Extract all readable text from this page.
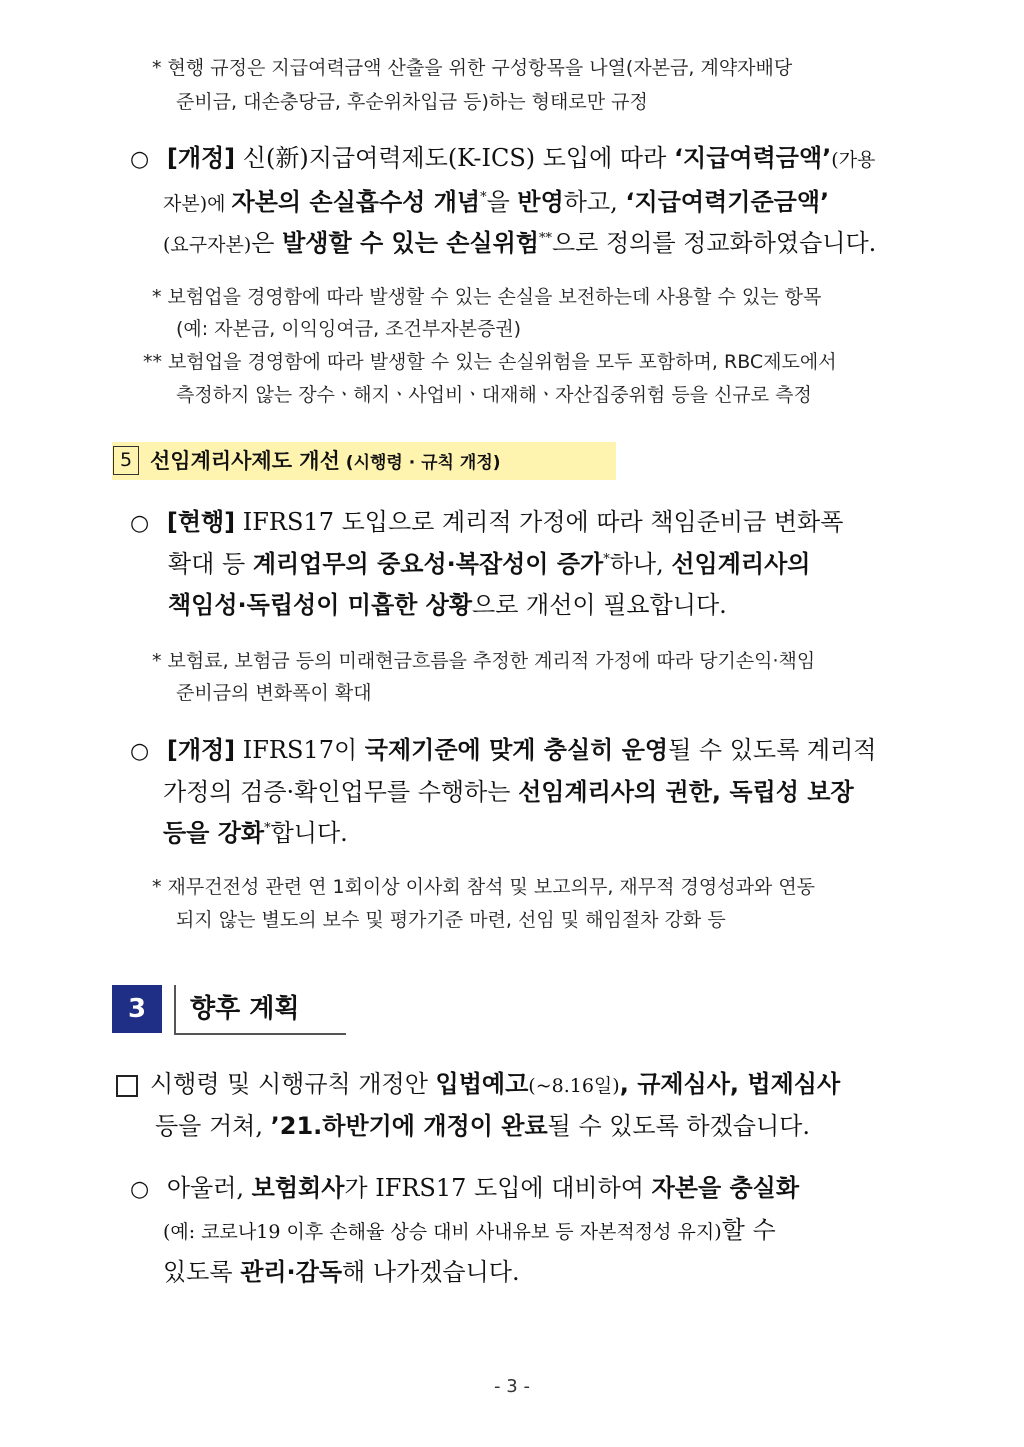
* 현행 규정은 지급여력금액 산출을 위한 구성항목을 나열(자본금, 계약자배당
준비금, 대손충당금, 후순위차입금 등)하는 형태로만 규정
○ [개정] 신(新)지급여력제도(K-ICS) 도입에 따라 ‘지급여력금액’(가용
자본)에 자본의 손실흡수성 개념*을 반영하고, ‘지급여력기준금액’
(요구자본)은 발생할 수 있는 손실위험**으로 정의를 정교화하였습니다.
* 보험업을 경영함에 따라 발생할 수 있는 손실을 보전하는데 사용할 수 있는 항목
(예: 자본금, 이익잉여금, 조건부자본증권)
** 보험업을 경영함에 따라 발생할 수 있는 손실위험을 모두 포함하며, RBC제도에서
측정하지 않는 장수ㆍ해지ㆍ사업비ㆍ대재해ㆍ자산집중위험 등을 신규로 측정
5 선임계리사제도 개선 (시행령 · 규칙 개정)
○ [현행] IFRS17 도입으로 계리적 가정에 따라 책임준비금 변화폭
확대 등 계리업무의 중요성·복잡성이 증가*하나, 선임계리사의
책임성·독립성이 미흡한 상황으로 개선이 필요합니다.
* 보험료, 보험금 등의 미래현금흐름을 추정한 계리적 가정에 따라 당기손익·책임
준비금의 변화폭이 확대
○ [개정] IFRS17이 국제기준에 맞게 충실히 운영될 수 있도록 계리적
가정의 검증·확인업무를 수행하는 선임계리사의 권한, 독립성 보장
등을 강화*합니다.
* 재무건전성 관련 연 1회이상 이사회 참석 및 보고의무, 재무적 경영성과와 연동
되지 않는 별도의 보수 및 평가기준 마련, 선임 및 해임절차 강화 등
3	향후 계획
시행령 및 시행규칙 개정안 입법예고(~8.16일), 규제심사, 법제심사
등을 거쳐, ’21.하반기에 개정이 완료될 수 있도록 하겠습니다.
○ 아울러, 보험회사가 IFRS17 도입에 대비하여 자본을 충실화
(예: 코로나19 이후 손해율 상승 대비 사내유보 등 자본적정성 유지)할 수
있도록 관리·감독해 나가겠습니다.
- 3 -
